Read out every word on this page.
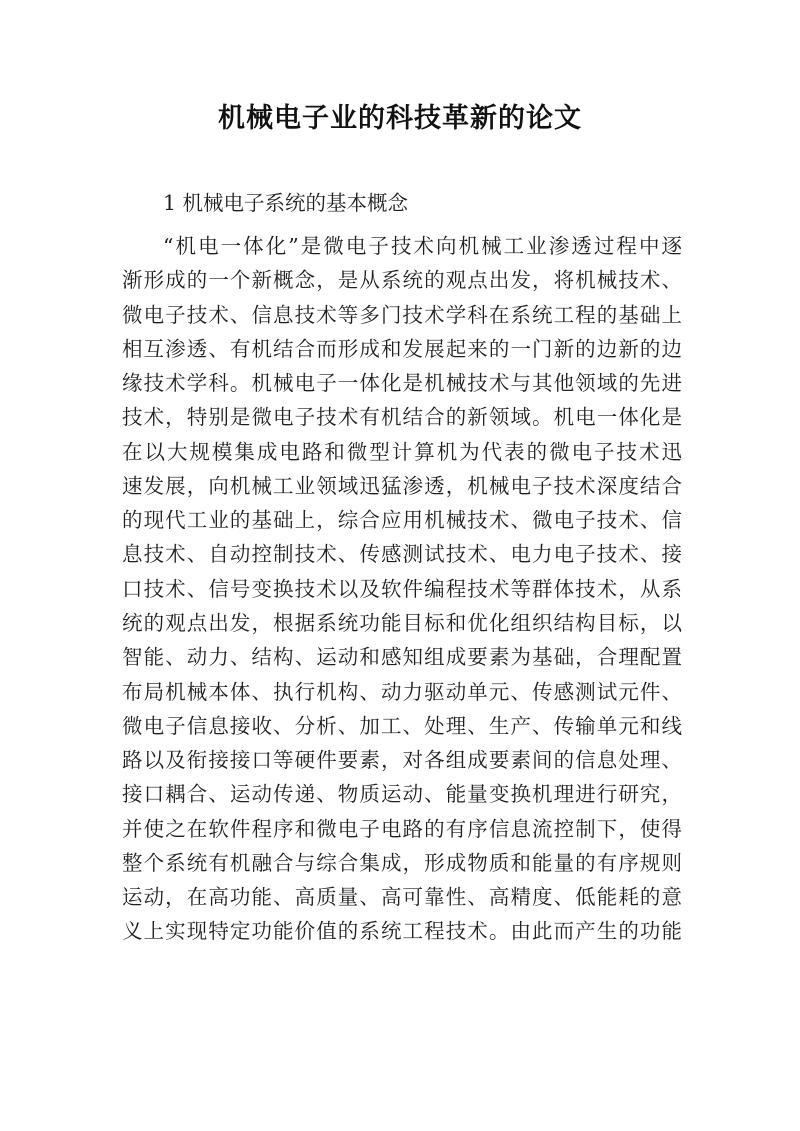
机械电子业的科技革新的论文
1 机械电子系统的基本概念
“机电一体化”是微电子技术向机械工业渗透过程中逐
渐形成的一个新概念，是从系统的观点出发，将机械技术、
微电子技术、信息技术等多门技术学科在系统工程的基础上
相互渗透、有机结合而形成和发展起来的一门新的边新的边
缘技术学科。机械电子一体化是机械技术与其他领域的先进
技术，特别是微电子技术有机结合的新领域。机电一体化是
在以大规模集成电路和微型计算机为代表的微电子技术迅
速发展，向机械工业领域迅猛渗透，机械电子技术深度结合
的现代工业的基础上，综合应用机械技术、微电子技术、信
息技术、自动控制技术、传感测试技术、电力电子技术、接
口技术、信号变换技术以及软件编程技术等群体技术，从系
统的观点出发，根据系统功能目标和优化组织结构目标，以
智能、动力、结构、运动和感知组成要素为基础，合理配置
布局机械本体、执行机构、动力驱动单元、传感测试元件、
微电子信息接收、分析、加工、处理、生产、传输单元和线
路以及衔接接口等硬件要素，对各组成要素间的信息处理、
接口耦合、运动传递、物质运动、能量变换机理进行研究，
并使之在软件程序和微电子电路的有序信息流控制下，使得
整个系统有机融合与综合集成，形成物质和能量的有序规则
运动，在高功能、高质量、高可靠性、高精度、低能耗的意
义上实现特定功能价值的系统工程技术。由此而产生的功能
